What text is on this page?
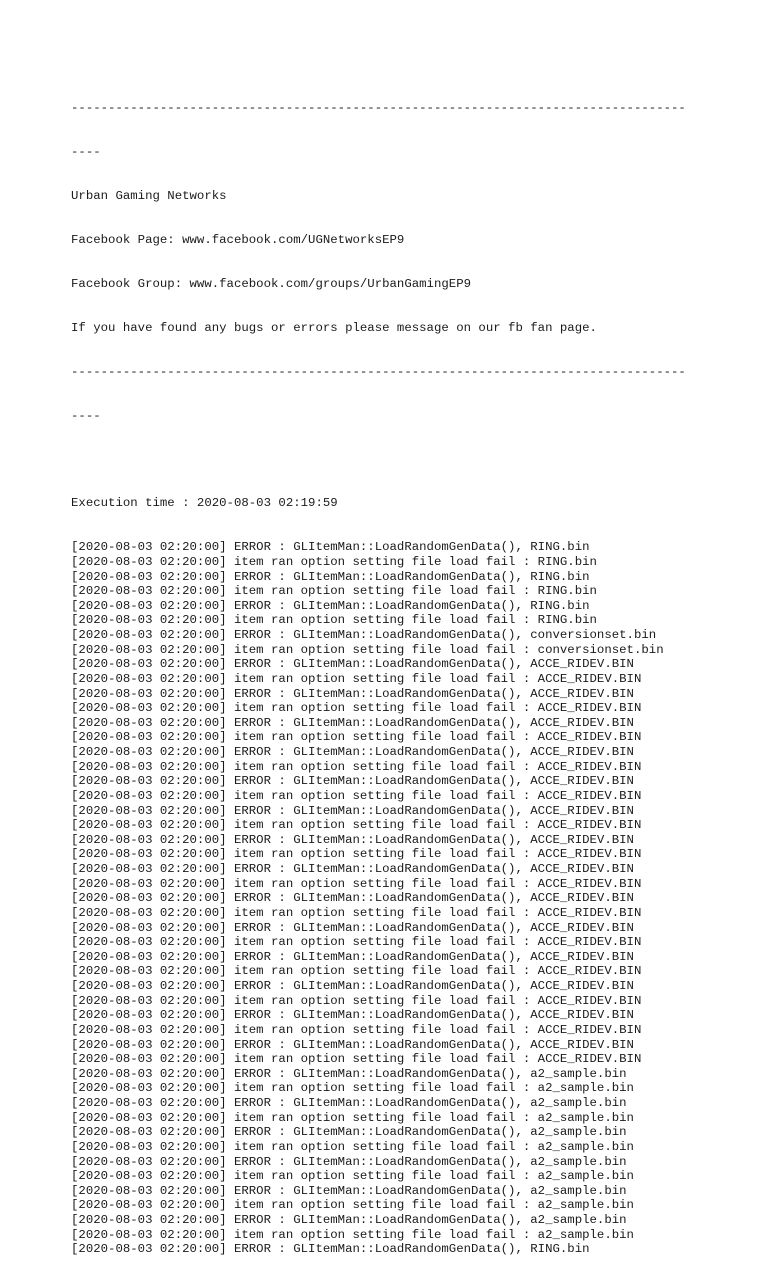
-----------------------------------------------------------------------------------

----

Urban Gaming Networks

Facebook Page: www.facebook.com/UGNetworksEP9

Facebook Group: www.facebook.com/groups/UrbanGamingEP9

If you have found any bugs or errors please message on our fb fan page.

-----------------------------------------------------------------------------------

----

Execution time : 2020-08-03 02:19:59

[2020-08-03 02:20:00] ERROR : GLItemMan::LoadRandomGenData(), RING.bin
[2020-08-03 02:20:00] item ran option setting file load fail : RING.bin
[2020-08-03 02:20:00] ERROR : GLItemMan::LoadRandomGenData(), RING.bin
[2020-08-03 02:20:00] item ran option setting file load fail : RING.bin
[2020-08-03 02:20:00] ERROR : GLItemMan::LoadRandomGenData(), RING.bin
[2020-08-03 02:20:00] item ran option setting file load fail : RING.bin
[2020-08-03 02:20:00] ERROR : GLItemMan::LoadRandomGenData(), conversionset.bin
[2020-08-03 02:20:00] item ran option setting file load fail : conversionset.bin
[2020-08-03 02:20:00] ERROR : GLItemMan::LoadRandomGenData(), ACCE_RIDEV.BIN
[2020-08-03 02:20:00] item ran option setting file load fail : ACCE_RIDEV.BIN
[2020-08-03 02:20:00] ERROR : GLItemMan::LoadRandomGenData(), ACCE_RIDEV.BIN
[2020-08-03 02:20:00] item ran option setting file load fail : ACCE_RIDEV.BIN
[2020-08-03 02:20:00] ERROR : GLItemMan::LoadRandomGenData(), ACCE_RIDEV.BIN
[2020-08-03 02:20:00] item ran option setting file load fail : ACCE_RIDEV.BIN
[2020-08-03 02:20:00] ERROR : GLItemMan::LoadRandomGenData(), ACCE_RIDEV.BIN
[2020-08-03 02:20:00] item ran option setting file load fail : ACCE_RIDEV.BIN
[2020-08-03 02:20:00] ERROR : GLItemMan::LoadRandomGenData(), ACCE_RIDEV.BIN
[2020-08-03 02:20:00] item ran option setting file load fail : ACCE_RIDEV.BIN
[2020-08-03 02:20:00] ERROR : GLItemMan::LoadRandomGenData(), ACCE_RIDEV.BIN
[2020-08-03 02:20:00] item ran option setting file load fail : ACCE_RIDEV.BIN
[2020-08-03 02:20:00] ERROR : GLItemMan::LoadRandomGenData(), ACCE_RIDEV.BIN
[2020-08-03 02:20:00] item ran option setting file load fail : ACCE_RIDEV.BIN
[2020-08-03 02:20:00] ERROR : GLItemMan::LoadRandomGenData(), ACCE_RIDEV.BIN
[2020-08-03 02:20:00] item ran option setting file load fail : ACCE_RIDEV.BIN
[2020-08-03 02:20:00] ERROR : GLItemMan::LoadRandomGenData(), ACCE_RIDEV.BIN
[2020-08-03 02:20:00] item ran option setting file load fail : ACCE_RIDEV.BIN
[2020-08-03 02:20:00] ERROR : GLItemMan::LoadRandomGenData(), ACCE_RIDEV.BIN
[2020-08-03 02:20:00] item ran option setting file load fail : ACCE_RIDEV.BIN
[2020-08-03 02:20:00] ERROR : GLItemMan::LoadRandomGenData(), ACCE_RIDEV.BIN
[2020-08-03 02:20:00] item ran option setting file load fail : ACCE_RIDEV.BIN
[2020-08-03 02:20:00] ERROR : GLItemMan::LoadRandomGenData(), ACCE_RIDEV.BIN
[2020-08-03 02:20:00] item ran option setting file load fail : ACCE_RIDEV.BIN
[2020-08-03 02:20:00] ERROR : GLItemMan::LoadRandomGenData(), ACCE_RIDEV.BIN
[2020-08-03 02:20:00] item ran option setting file load fail : ACCE_RIDEV.BIN
[2020-08-03 02:20:00] ERROR : GLItemMan::LoadRandomGenData(), ACCE_RIDEV.BIN
[2020-08-03 02:20:00] item ran option setting file load fail : ACCE_RIDEV.BIN
[2020-08-03 02:20:00] ERROR : GLItemMan::LoadRandomGenData(), a2_sample.bin
[2020-08-03 02:20:00] item ran option setting file load fail : a2_sample.bin
[2020-08-03 02:20:00] ERROR : GLItemMan::LoadRandomGenData(), a2_sample.bin
[2020-08-03 02:20:00] item ran option setting file load fail : a2_sample.bin
[2020-08-03 02:20:00] ERROR : GLItemMan::LoadRandomGenData(), a2_sample.bin
[2020-08-03 02:20:00] item ran option setting file load fail : a2_sample.bin
[2020-08-03 02:20:00] ERROR : GLItemMan::LoadRandomGenData(), a2_sample.bin
[2020-08-03 02:20:00] item ran option setting file load fail : a2_sample.bin
[2020-08-03 02:20:00] ERROR : GLItemMan::LoadRandomGenData(), a2_sample.bin
[2020-08-03 02:20:00] item ran option setting file load fail : a2_sample.bin
[2020-08-03 02:20:00] ERROR : GLItemMan::LoadRandomGenData(), a2_sample.bin
[2020-08-03 02:20:00] item ran option setting file load fail : a2_sample.bin
[2020-08-03 02:20:00] ERROR : GLItemMan::LoadRandomGenData(), RING.bin
